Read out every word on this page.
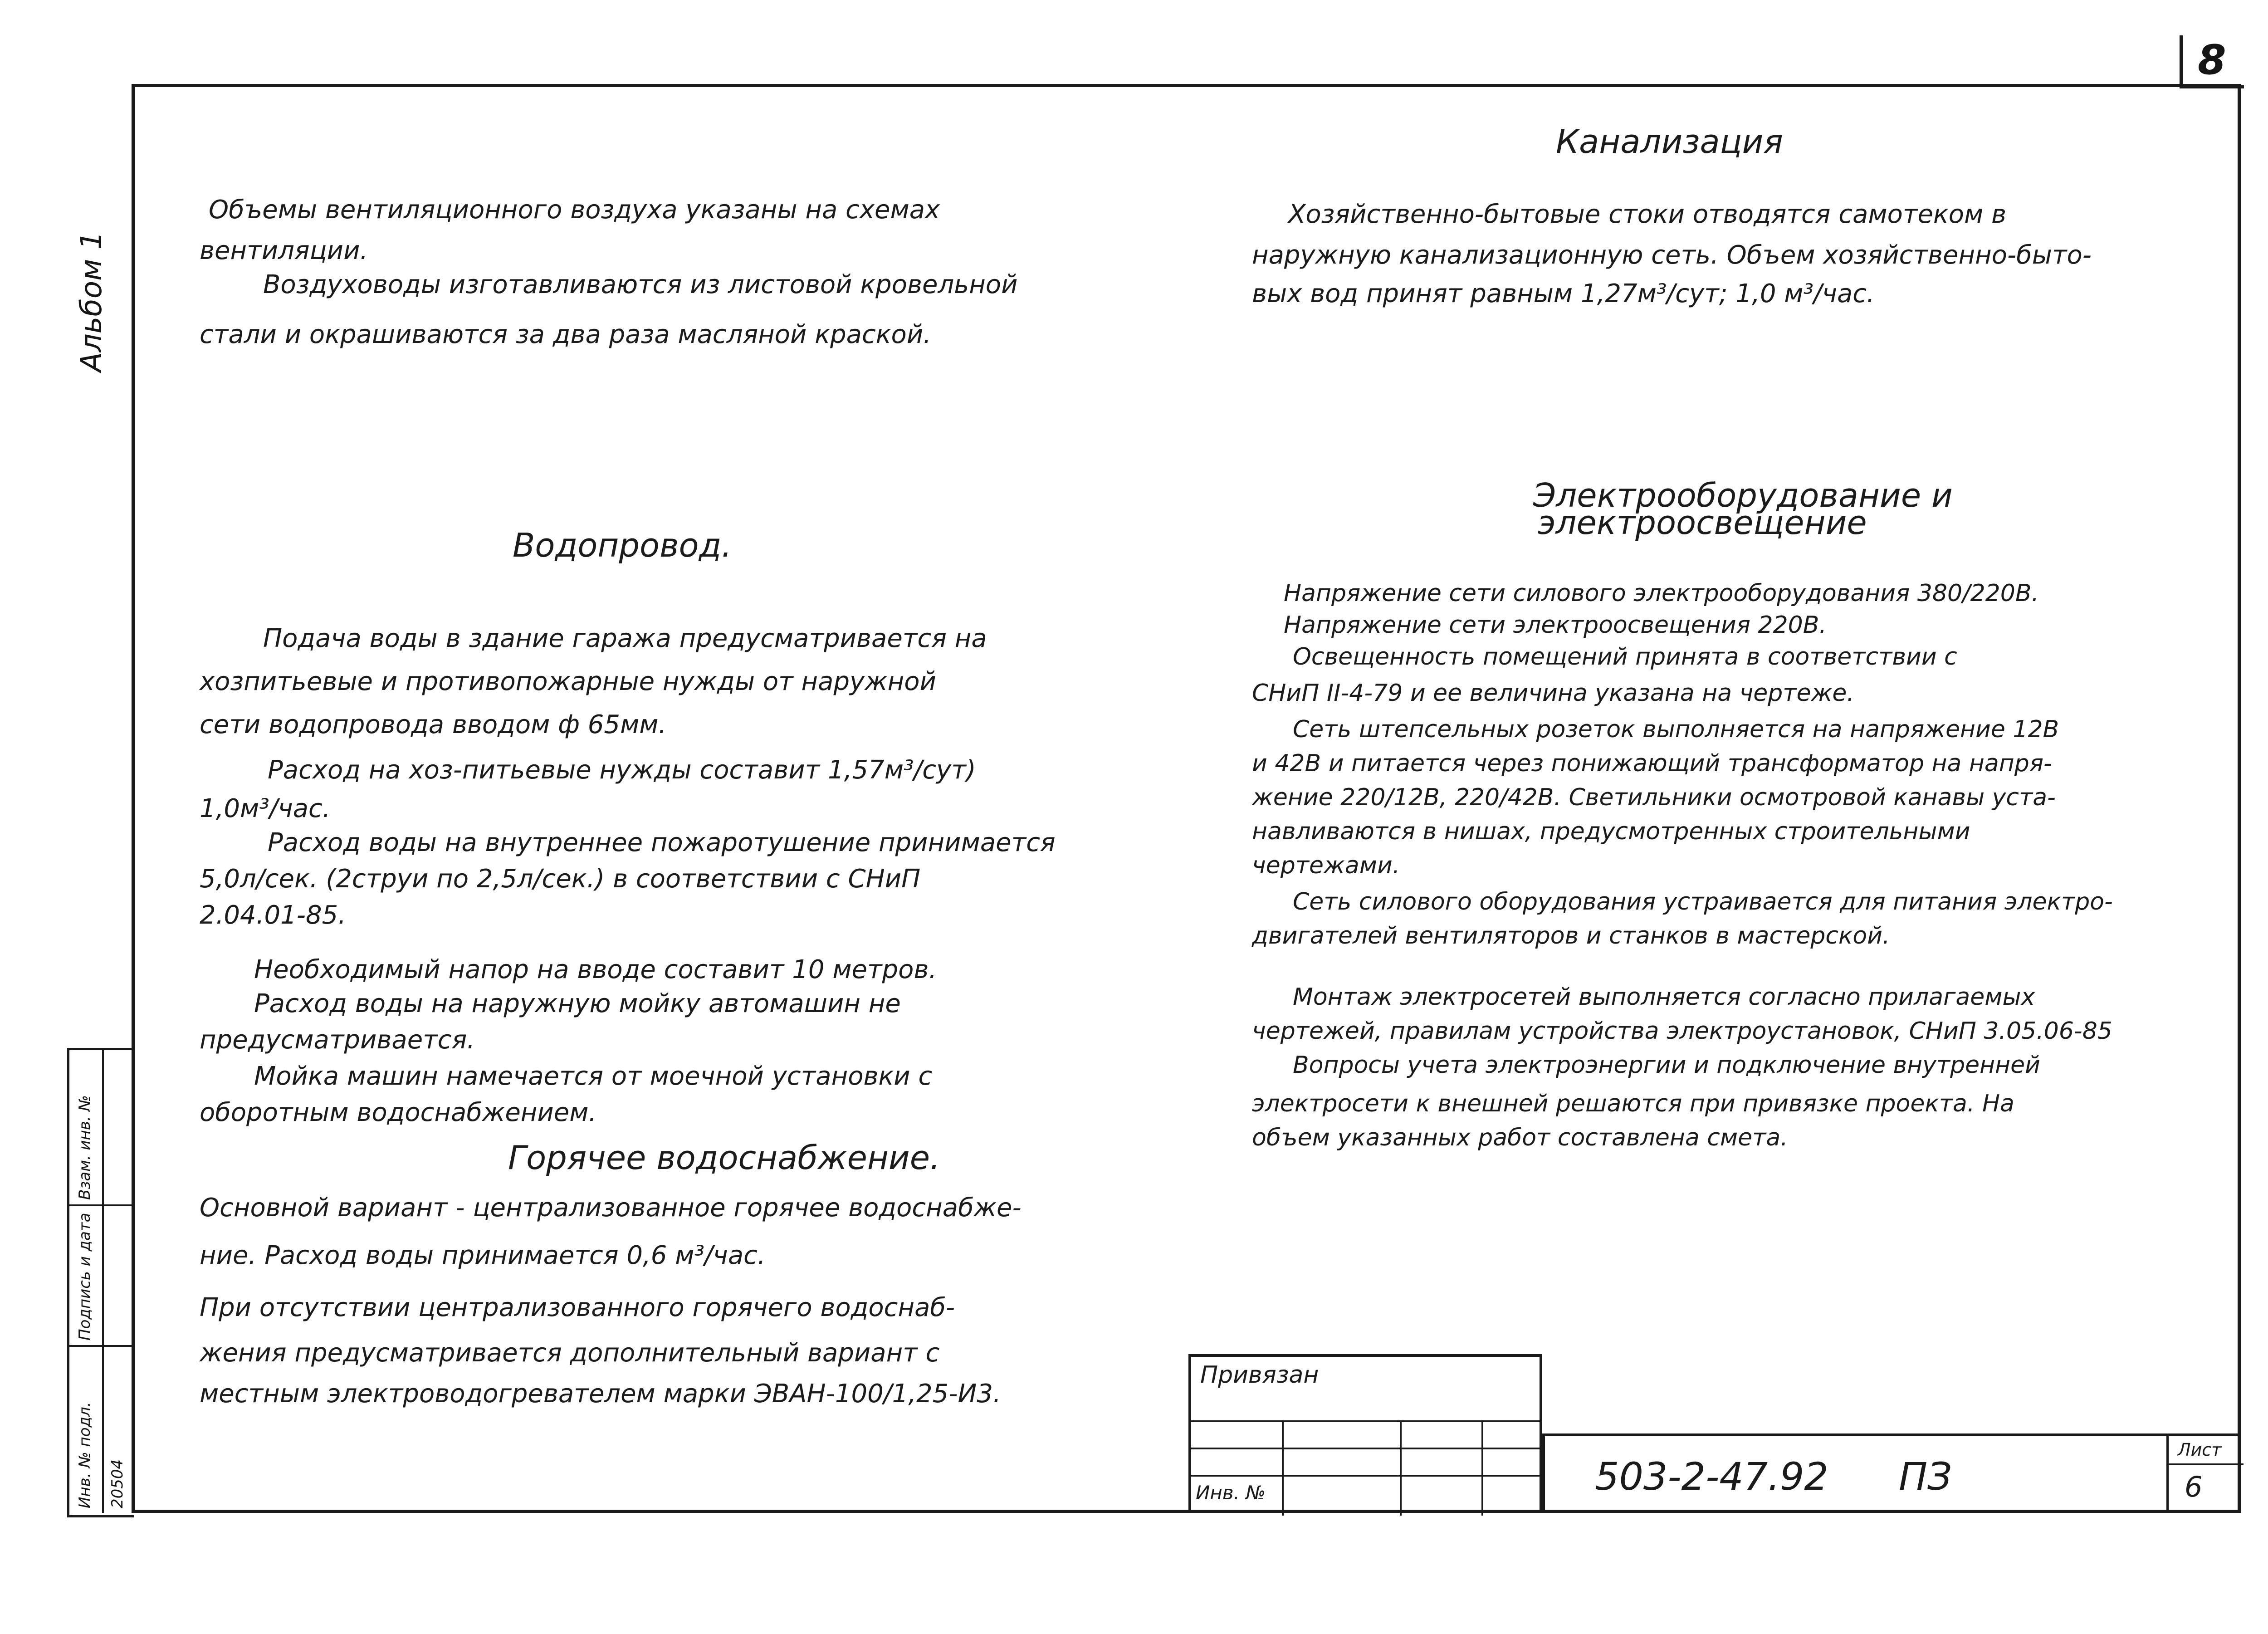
8
Альбом 1
Взам. инв. №
Подпись и дата
Инв. № подл. 20504
Объемы вентиляционного воздуха указаны на схемах
вентиляции.
Воздуховоды изготавливаются из листовой кровельной
стали и окрашиваются за два раза масляной краской.
Водопровод.
Подача воды в здание гаража предусматривается на
хозпитьевые и противопожарные нужды от наружной
сети водопровода вводом ф 65мм.
Расход на хоз-питьевые нужды составит 1,57м³/сут)
1,0м³/час.
Расход воды на внутреннее пожаротушение принимается
5,0л/сек. (2струи по 2,5л/сек.) в соответствии с СНиП
2.04.01-85.
Необходимый напор на вводе составит 10 метров.
Расход воды на наружную мойку автомашин не
предусматривается.
Мойка машин намечается от моечной установки с
оборотным водоснабжением.
Горячее водоснабжение.
Основной вариант - централизованное горячее водоснабже-
ние. Расход воды принимается 0,6 м³/час.
При отсутствии централизованного горячего водоснаб-
жения предусматривается дополнительный вариант с
местным электроводогревателем марки ЭВАН-100/1,25-И3.
Канализация
Хозяйственно-бытовые стоки отводятся самотеком в
наружную канализационную сеть. Объем хозяйственно-быто-
вых вод принят равным 1,27м³/сут; 1,0 м³/час.
Электрооборудование и
электроосвещение
Напряжение сети силового электрооборудования 380/220В.
Напряжение сети электроосвещения 220В.
Освещенность помещений принята в соответствии с
СНиП II-4-79 и ее величина указана на чертеже.
Сеть штепсельных розеток выполняется на напряжение 12В
и 42В и питается через понижающий трансформатор на напря-
жение 220/12В, 220/42В. Светильники осмотровой канавы уста-
навливаются в нишах, предусмотренных строительными
чертежами.
Сеть силового оборудования устраивается для питания электро-
двигателей вентиляторов и станков в мастерской.
Монтаж электросетей выполняется согласно прилагаемых
чертежей, правилам устройства электроустановок, СНиП 3.05.06-85
Вопросы учета электроэнергии и подключение внутренней
электросети к внешней решаются при привязке проекта. На
объем указанных работ составлена смета.
Привязан
Инв. №	503-2-47.92 ПЗ
Лист
6
